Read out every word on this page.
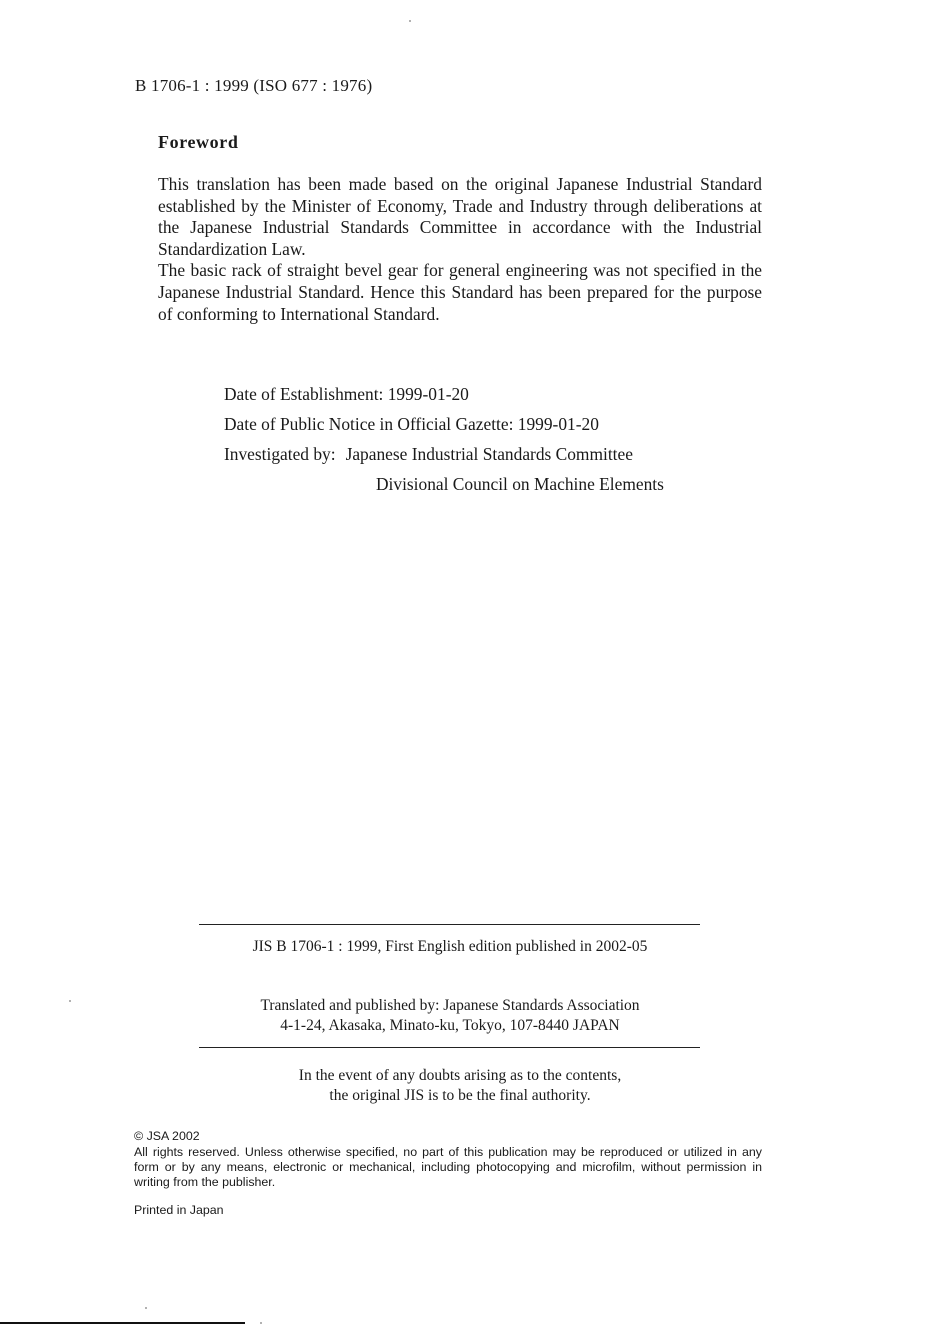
B 1706-1 : 1999 (ISO 677 : 1976)
Foreword

This translation has been made based on the original Japanese Industrial Standard established by the Minister of Economy, Trade and Industry through deliberations at the Japanese Industrial Standards Committee in accordance with the Industrial Standardization Law.

The basic rack of straight bevel gear for general engineering was not specified in the Japanese Industrial Standard. Hence this Standard has been prepared for the purpose of conforming to International Standard.

Date of Establishment: 1999-01-20
Date of Public Notice in Official Gazette: 1999-01-20
Investigated by: Japanese Industrial Standards Committee
Divisional Council on Machine Elements
JIS B 1706-1 : 1999, First English edition published in 2002-05
Translated and published by: Japanese Standards Association
4-1-24, Akasaka, Minato-ku, Tokyo, 107-8440 JAPAN
In the event of any doubts arising as to the contents,
the original JIS is to be the final authority.

© JSA 2002

All rights reserved. Unless otherwise specified, no part of this publication may be reproduced or utilized in any form or by any means, electronic or mechanical, including photocopying and microfilm, without permission in writing from the publisher.

Printed in Japan
